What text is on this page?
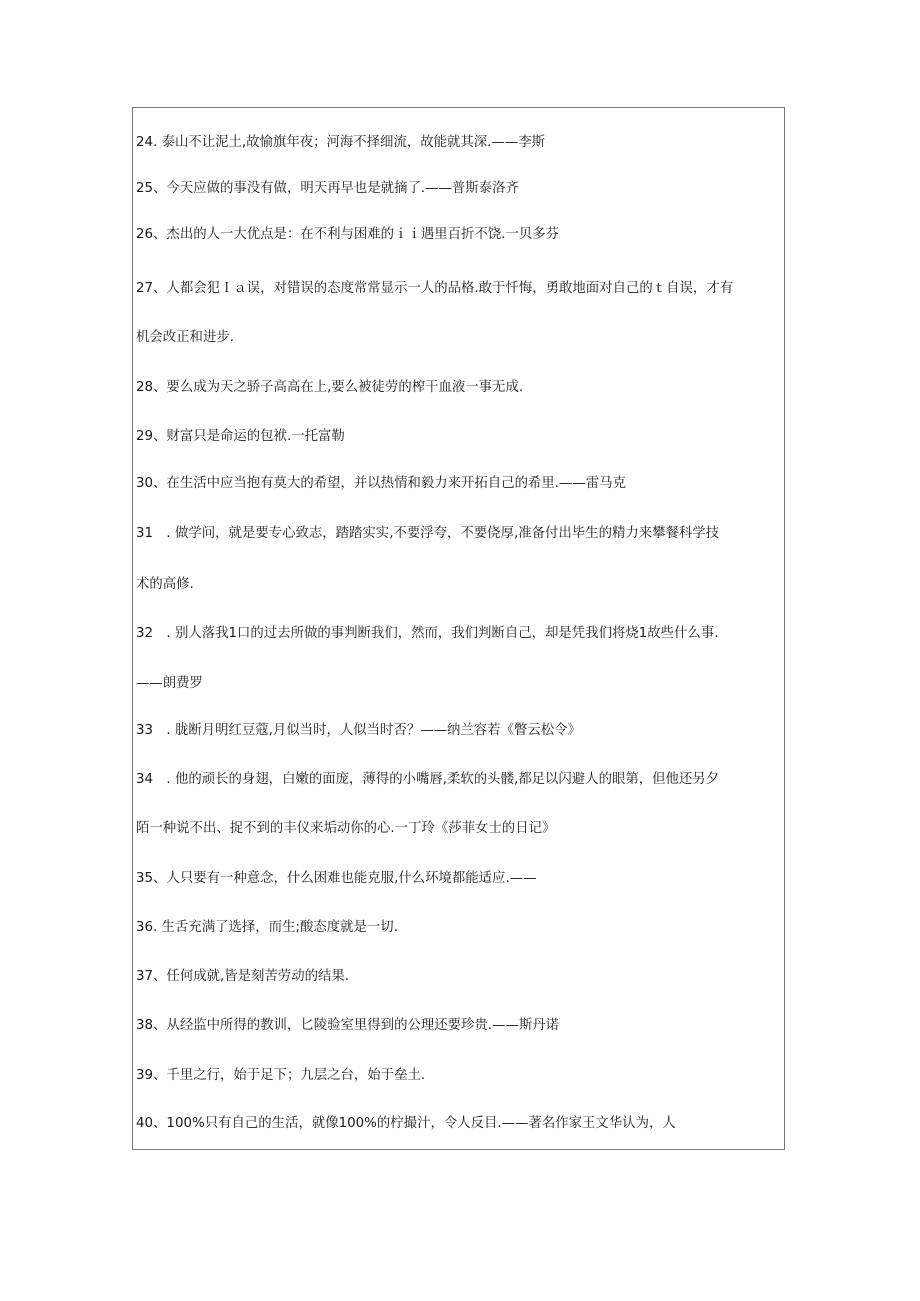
24. 泰山不让泥土,故愉旗年夜；河海不择细流，故能就其深.——李斯
25、今天应做的事没有做，明天再早也是就摘了.——普斯泰洛齐
26、杰出的人一大优点是：在不利与困难的ｉｉ遇里百折不饶.一贝多芬
27、人都会犯Ｉａ误，对错误的态度常常显示一人的品格.敢于忏悔，勇敢地面对自己的ｔ自误，才有
机会改正和进步.
28、要么成为天之骄子高高在上,要么被徒劳的榨干血液一事无成.
29、财富只是命运的包袱.一托富勒
30、在生活中应当抱有莫大的希望，并以热情和毅力来开拓自己的希里.——雷马克
31　. 做学问，就是要专心致志，踏踏实实,不要浮夸，不要侥厚,准备付出毕生的精力来攀餐科学技
术的高修.
32　. 别人落我1口的过去所做的事判断我们，然而，我们判断自己，却是凭我们将烧1故些什么事.
——朗费罗
33　. 胧断月明红豆蔻,月似当时，人似当时否？——纳兰容若《瞥云松令》
34　. 他的顽长的身翅，白嫩的面庞，薄得的小嘴唇,柔软的头髅,都足以闪避人的眼第，但他还另夕
陌一种说不出、捉不到的丰仪来垢动你的心.一丁玲《莎菲女士的日记》
35、人只要有一种意念，什么困难也能克服,什么环境都能适应.——
36. 生舌充满了选择，而生;酸态度就是一切.
37、任何成就,皆是刻苦劳动的结果.
38、从经监中所得的教训，匕陵验室里得到的公理还要珍贵.——斯丹诺
39、千里之行，始于足下；九层之台，始于垒土.
40、100%只有自己的生活，就像100%的柠撮汁，令人反目.——著名作家王文华认为，人
